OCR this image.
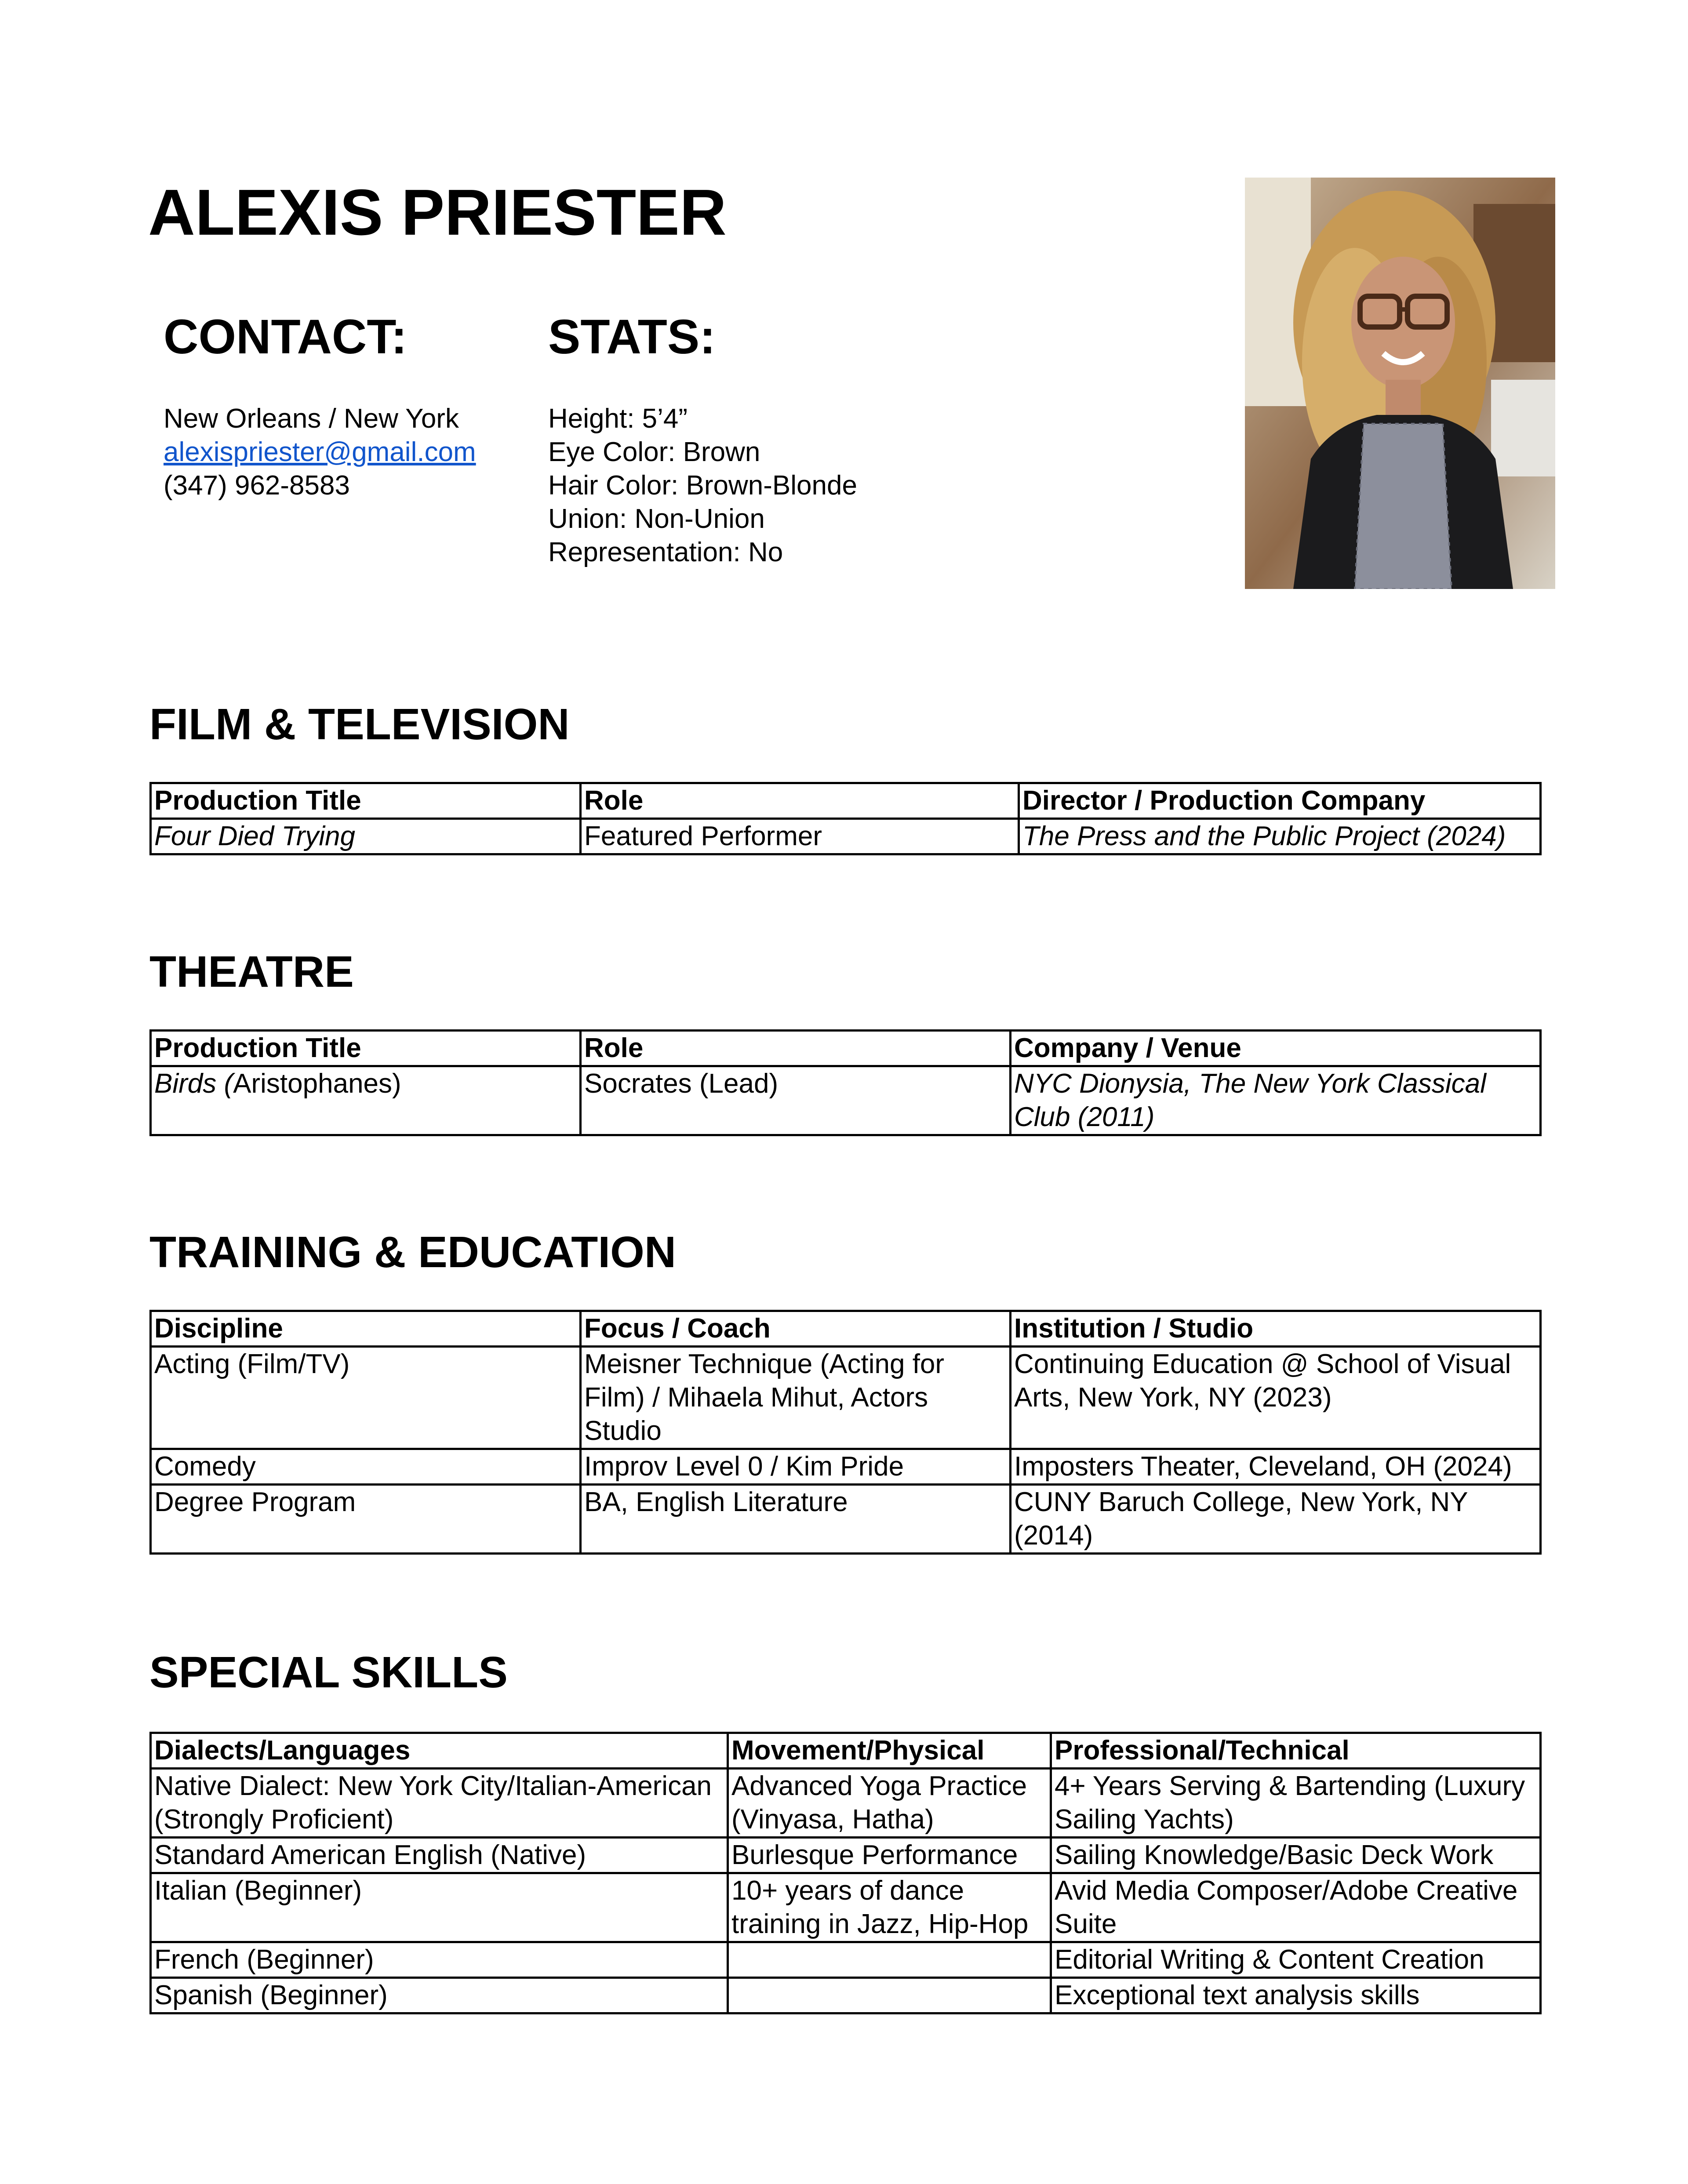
ALEXIS PRIESTER
CONTACT:

New Orleans / New York

alexispriester@gmail.com

(347) 962-8583

STATS:

Height: 5’4”

Eye Color: Brown

Hair Color: Brown-Blonde

Union: Non-Union

Representation: No

FILM & TELEVISION
Production Title	Role	Director / Production Company
Four Died Trying	Featured Performer	The Press and the Public Project (2024)
THEATRE
Production Title	Role	Company / Venue
Birds (Aristophanes)	Socrates (Lead)	NYC Dionysia, The New York Classical Club (2011)
TRAINING & EDUCATION
Discipline	Focus / Coach	Institution / Studio
Acting (Film/TV)	Meisner Technique (Acting for Film) / Mihaela Mihut, Actors Studio	Continuing Education @ School of Visual Arts, New York, NY (2023)
Comedy	Improv Level 0 / Kim Pride	Imposters Theater, Cleveland, OH (2024)
Degree Program	BA, English Literature	CUNY Baruch College, New York, NY (2014)
SPECIAL SKILLS
Dialects/Languages	Movement/Physical	Professional/Technical
Native Dialect: New York City/Italian-American (Strongly Proficient)	Advanced Yoga Practice (Vinyasa, Hatha)	4+ Years Serving & Bartending (Luxury Sailing Yachts)
Standard American English (Native)	Burlesque Performance	Sailing Knowledge/Basic Deck Work
Italian (Beginner)	10+ years of dance training in Jazz, Hip-Hop	Avid Media Composer/Adobe Creative Suite
French (Beginner)		Editorial Writing & Content Creation
Spanish (Beginner)		Exceptional text analysis skills
